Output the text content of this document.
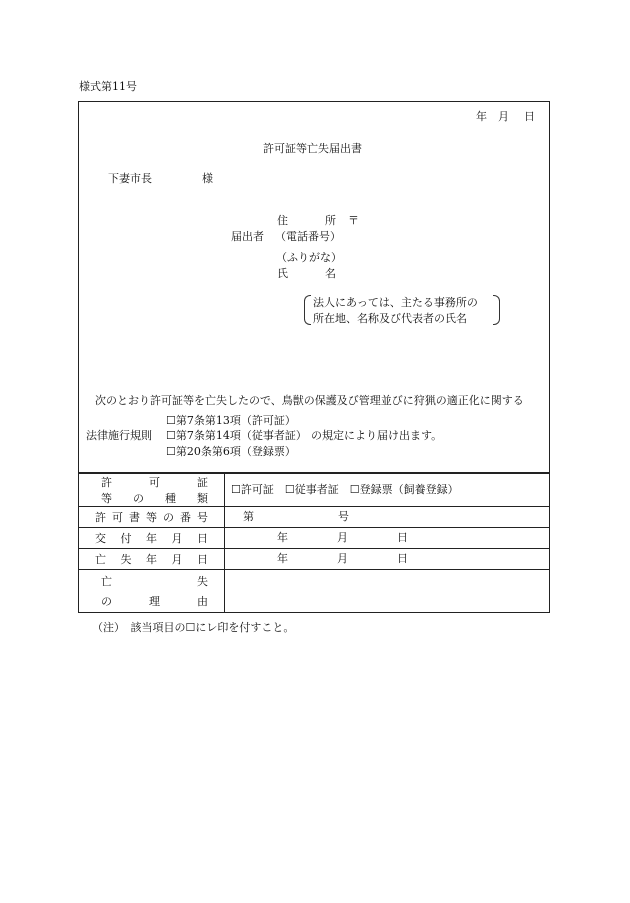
様式第11号
年 月 日
許可証等亡失届出書
下妻市長	様
住	所 〒
届出者 （電話番号）
（ふりがな）
氏	名
法人にあっては、主たる事務所の
所在地、名称及び代表者の氏名
次のとおり許可証等を亡失したので、鳥獣の保護及び管理並びに狩猟の適正化に関する
☐第7条第13項（許可証）
法律施行規則 ☐第7条第14項（従事者証） の規定により届け出ます。
☐第20条第6項（登録票）
許	可	証
等 の 種 類
☐許可証　☐従事者証　☐登録票（飼養登録）
許 可 書 等 の 番 号	第	号
交 付 年 月 日	年	月	日
亡 失 年 月 日	年	月	日
亡	失
の	理	由
（注）　該当項目の☐にレ印を付すこと。
